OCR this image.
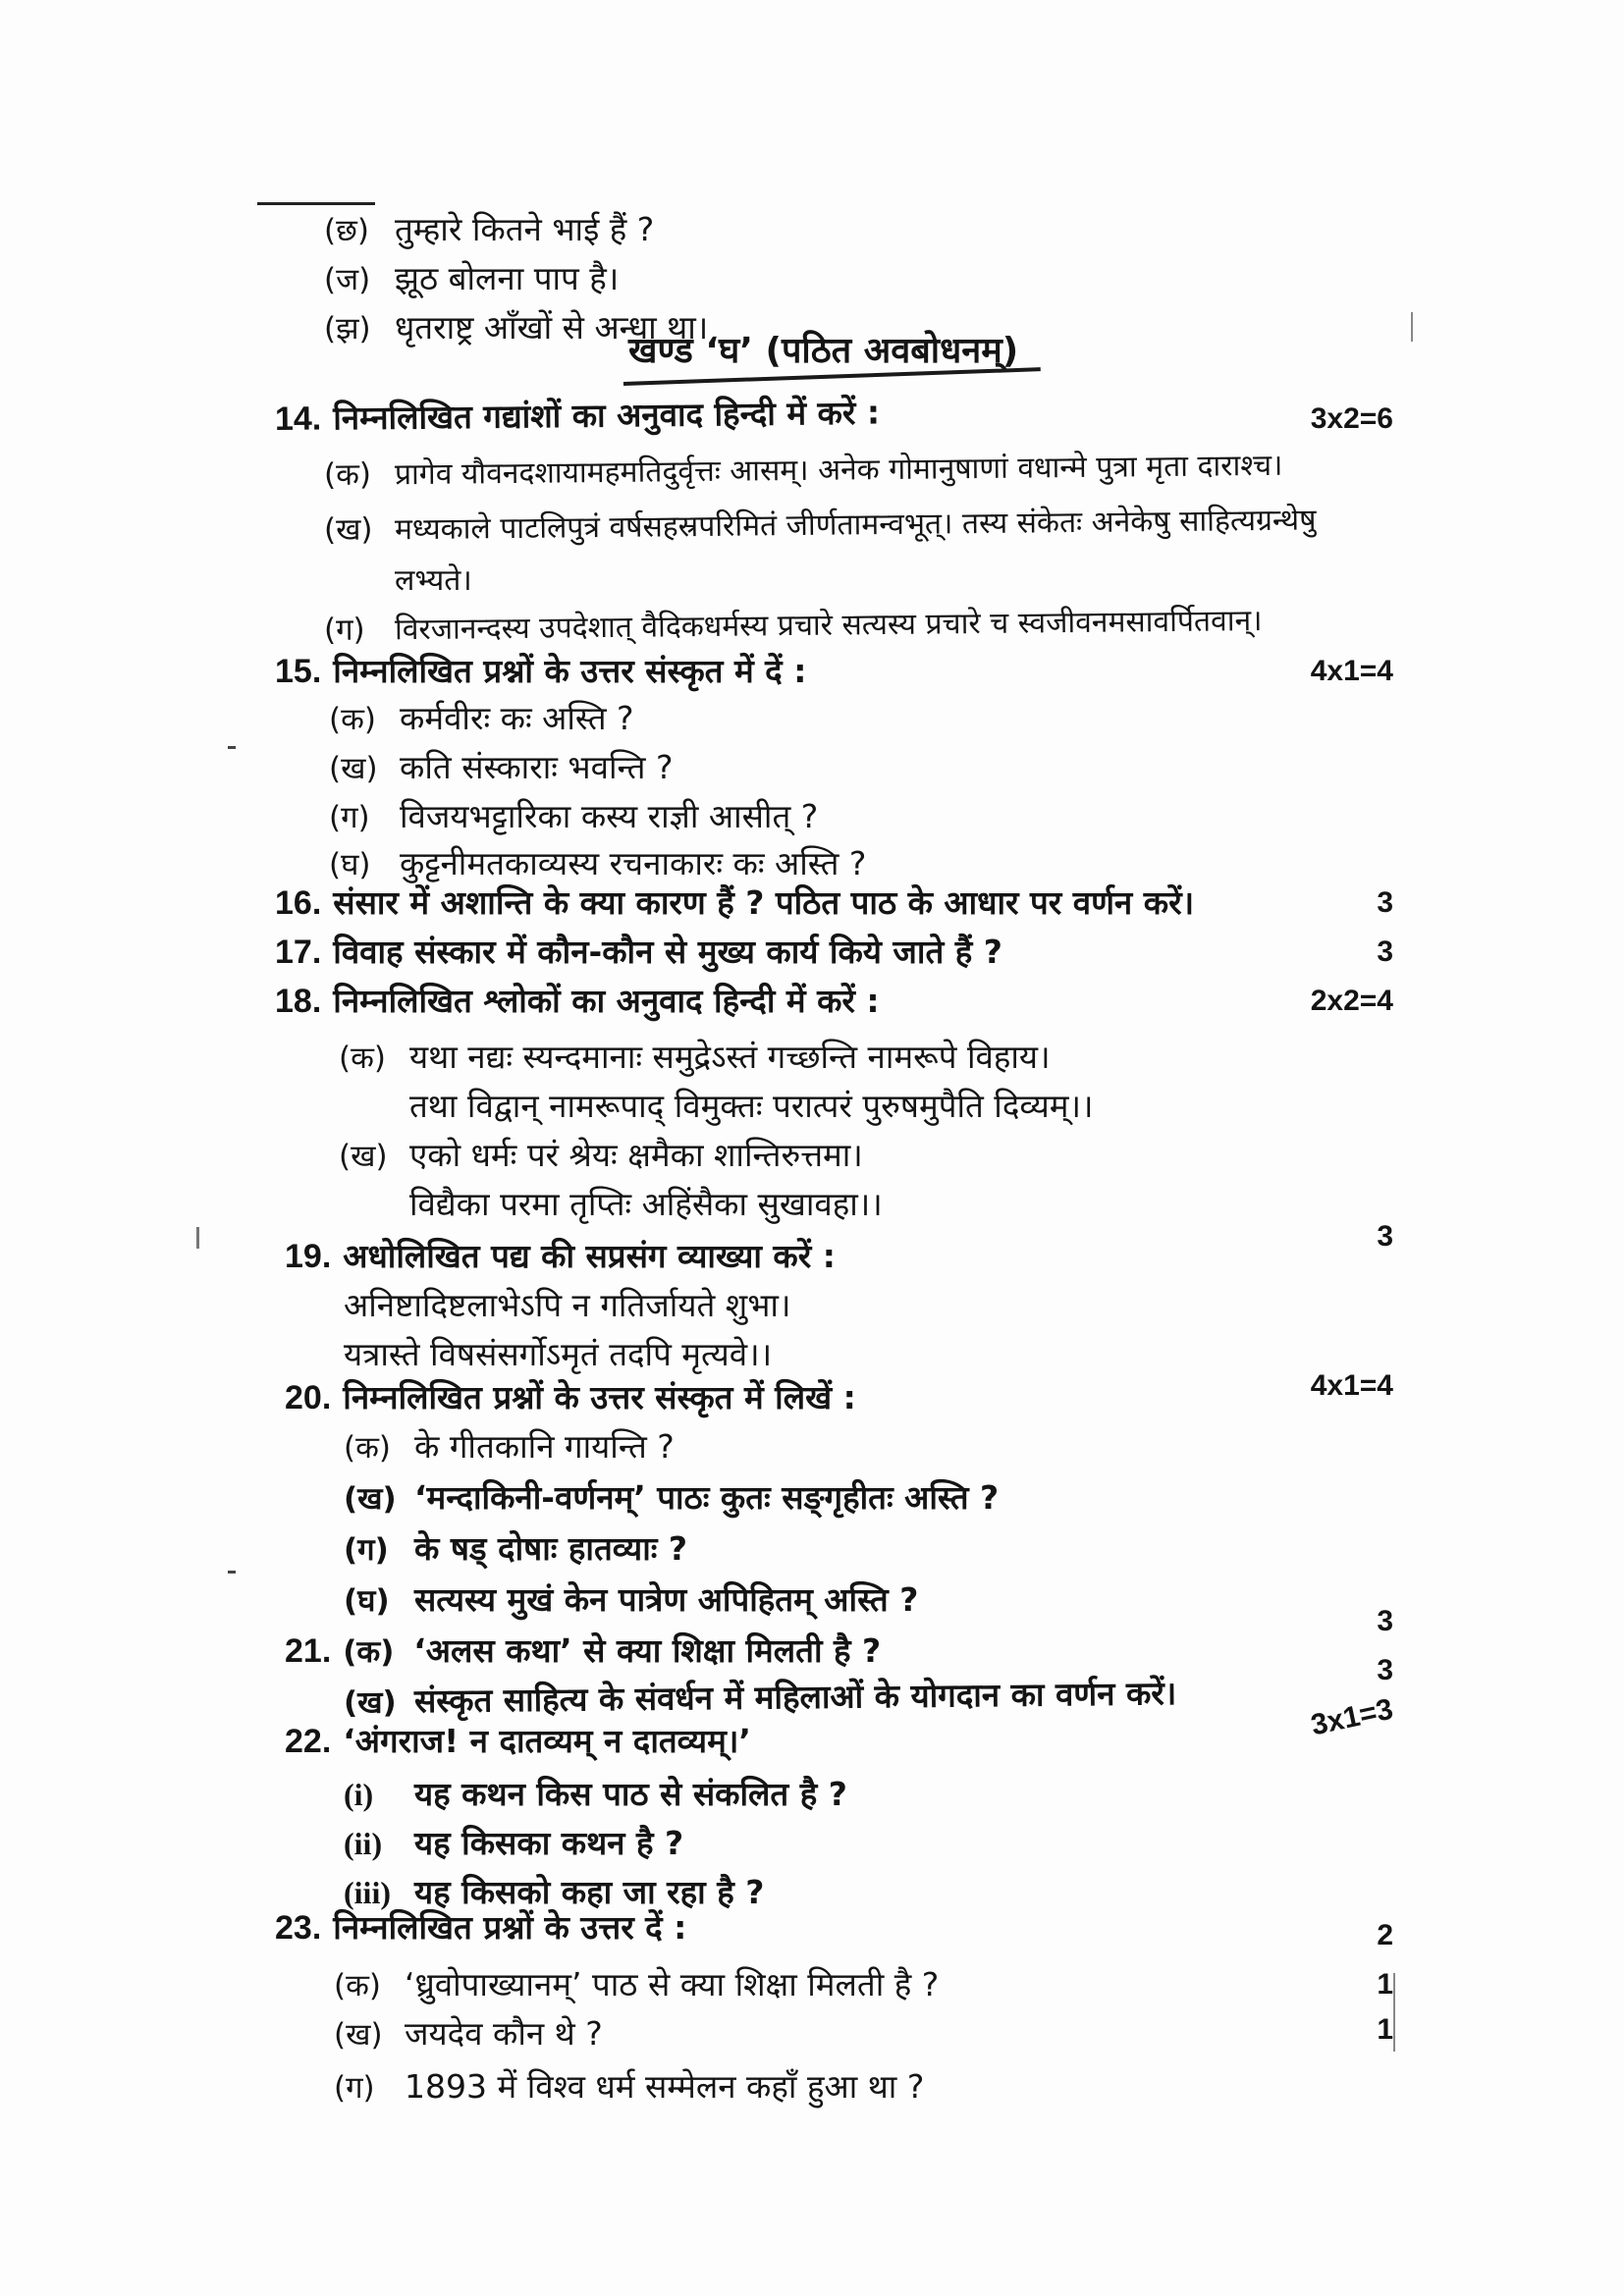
(छ) तुम्हारे कितने भाई हैं ?
(ज) झूठ बोलना पाप है।
(झ) धृतराष्ट्र आँखों से अन्धा था।
खण्ड ‘घ’ (पठित अवबोधनम्)
14. निम्नलिखित गद्यांशों का अनुवाद हिन्दी में करें :	3x2=6
(क) प्रागेव यौवनदशायामहमतिदुर्वृत्तः आसम्। अनेक गोमानुषाणां वधान्मे पुत्रा मृता दाराश्च।
(ख) मध्यकाले पाटलिपुत्रं वर्षसहस्रपरिमितं जीर्णतामन्वभूत्। तस्य संकेतः अनेकेषु साहित्यग्रन्थेषु
लभ्यते।
(ग) विरजानन्दस्य उपदेशात् वैदिकधर्मस्य प्रचारे सत्यस्य प्रचारे च स्वजीवनमसावर्पितवान्।
15. निम्नलिखित प्रश्नों के उत्तर संस्कृत में दें :	4x1=4
(क) कर्मवीरः कः अस्ति ?
(ख) कति संस्काराः भवन्ति ?
(ग) विजयभट्टारिका कस्य राज्ञी आसीत् ?
(घ) कुट्टनीमतकाव्यस्य रचनाकारः कः अस्ति ?
16. संसार में अशान्ति के क्या कारण हैं ? पठित पाठ के आधार पर वर्णन करें।	3
17. विवाह संस्कार में कौन-कौन से मुख्य कार्य किये जाते हैं ?	3
18. निम्नलिखित श्लोकों का अनुवाद हिन्दी में करें :	2x2=4
(क) यथा नद्यः स्यन्दमानाः समुद्रेऽस्तं गच्छन्ति नामरूपे विहाय।
तथा विद्वान् नामरूपाद् विमुक्तः परात्परं पुरुषमुपैति दिव्यम्।।
(ख) एको धर्मः परं श्रेयः क्षमैका शान्तिरुत्तमा।
विद्यैका परमा तृप्तिः अहिंसैका सुखावहा।।
3
19. अधोलिखित पद्य की सप्रसंग व्याख्या करें :
अनिष्टादिष्टलाभेऽपि न गतिर्जायते शुभा।
यत्रास्ते विषसंसर्गोऽमृतं तदपि मृत्यवे।।
20. निम्नलिखित प्रश्नों के उत्तर संस्कृत में लिखें :	4x1=4
(क) के गीतकानि गायन्ति ?
(ख) ‘मन्दाकिनी-वर्णनम्’ पाठः कुतः सङ्गृहीतः अस्ति ?
(ग) के षड् दोषाः हातव्याः ?
(घ) सत्यस्य मुखं केन पात्रेण अपिहितम् अस्ति ?
3
21. (क) ‘अलस कथा’ से क्या शिक्षा मिलती है ?
3
(ख) संस्कृत साहित्य के संवर्धन में महिलाओं के योगदान का वर्णन करें।	3x1=3
22. ‘अंगराज! न दातव्यम् न दातव्यम्।’
(i) यह कथन किस पाठ से संकलित है ?
(ii) यह किसका कथन है ?
(iii) यह किसको कहा जा रहा है ?
23. निम्नलिखित प्रश्नों के उत्तर दें :	2
(क) ‘ध्रुवोपाख्यानम्’ पाठ से क्या शिक्षा मिलती है ?	1
(ख) जयदेव कौन थे ?	1
(ग) 1893 में विश्व धर्म सम्मेलन कहाँ हुआ था ?
